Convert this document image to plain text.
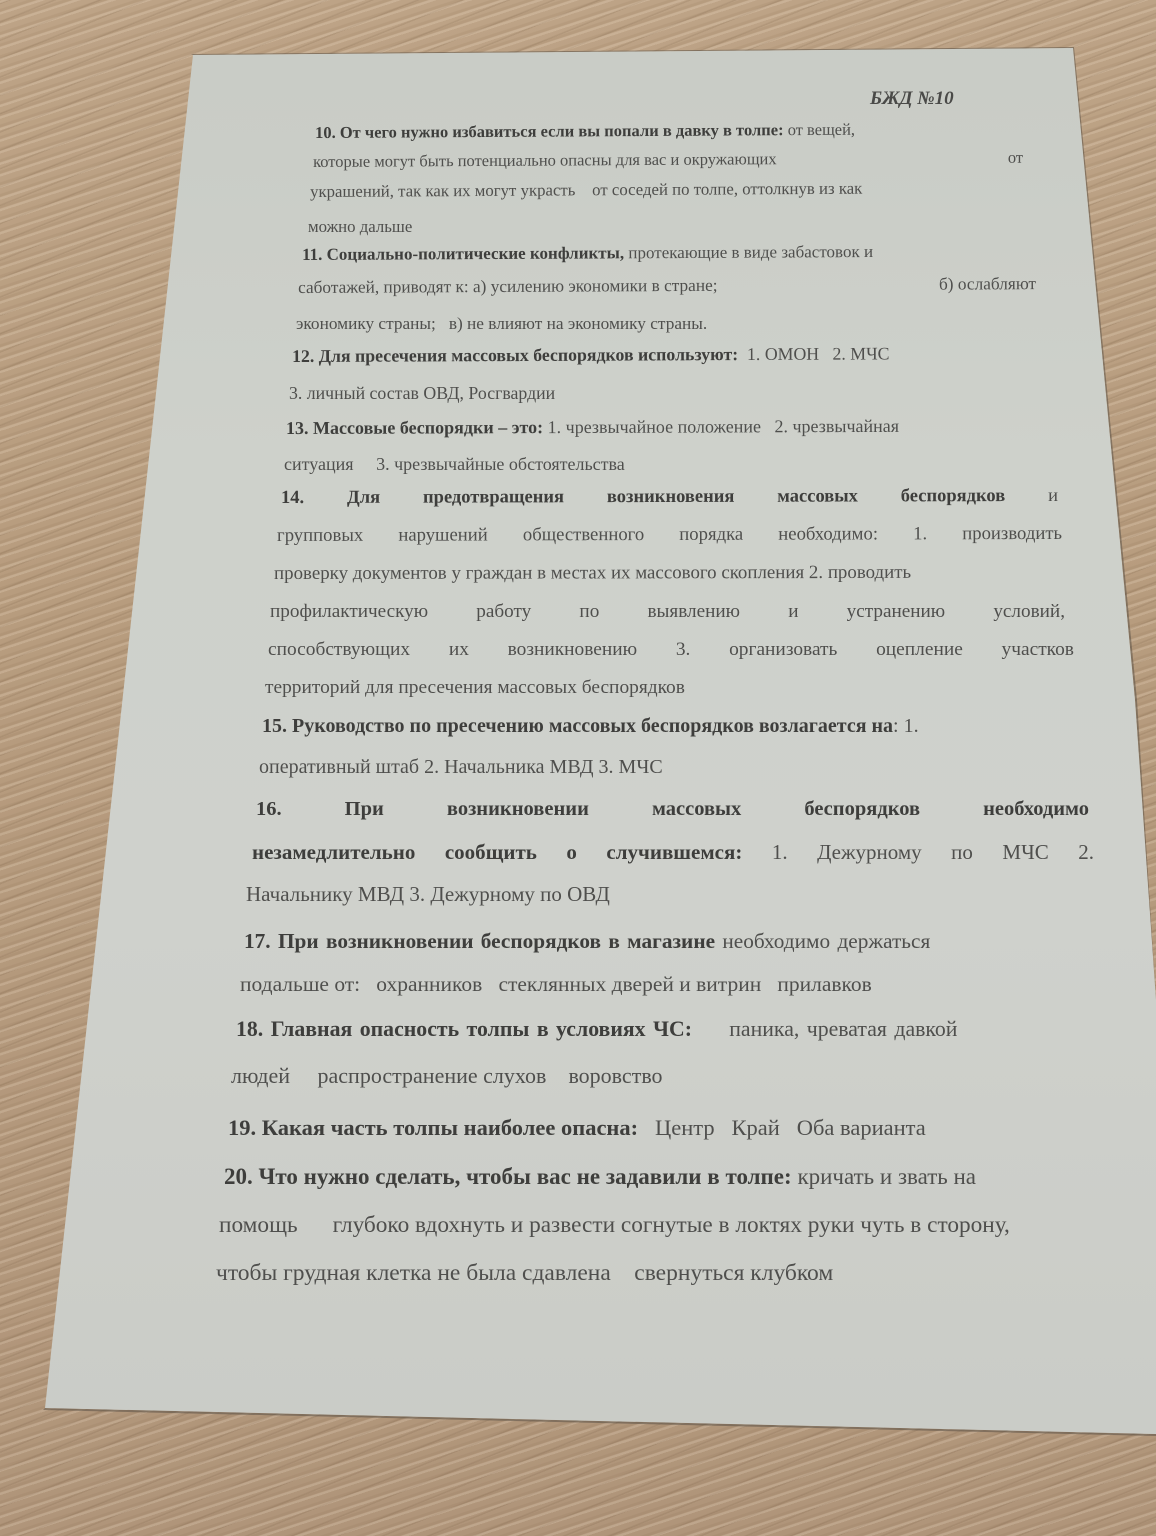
БЖД №10
10. От чего нужно избавиться если вы попали в давку в толпе: от вещей,
которые могут быть потенциально опасны для вас и окружающих	от
украшений, так как их могут украсть от соседей по толпе, оттолкнув из как
можно дальше
11. Социально-политические конфликты, протекающие в виде забастовок и
саботажей, приводят к: а) усилению экономики в стране;	б) ослабляют
экономику страны; в) не влияют на экономику страны.
12. Для пресечения массовых беспорядков используют: 1. ОМОН 2. МЧС
3. личный состав ОВД, Росгвардии
13. Массовые беспорядки – это: 1. чрезвычайное положение 2. чрезвычайная
ситуация 3. чрезвычайные обстоятельства
14. Для предотвращения возникновения массовых беспорядков и
групповых нарушений общественного порядка необходимо: 1. производить
проверку документов у граждан в местах их массового скопления 2. проводить
профилактическую	работу	по	выявлению	и	устранению	условий,
способствующих их возникновению 3. организовать оцепление участков
территорий для пресечения массовых беспорядков
15. Руководство по пресечению массовых беспорядков возлагается на: 1.
оперативный штаб 2. Начальника МВД 3. МЧС
16.	При	возникновении	массовых	беспорядков	необходимо
незамедлительно сообщить о случившемся: 1. Дежурному по МЧС 2.
Начальнику МВД 3. Дежурному по ОВД
17. При возникновении беспорядков в магазине необходимо держаться
подальше от: охранников стеклянных дверей и витрин прилавков
18. Главная опасность толпы в условиях ЧС: паника, чреватая давкой
людей распространение слухов воровство
19. Какая часть толпы наиболее опасна: Центр Край Оба варианта
20. Что нужно сделать, чтобы вас не задавили в толпе: кричать и звать на
помощь глубоко вдохнуть и развести согнутые в локтях руки чуть в сторону,
чтобы грудная клетка не была сдавлена свернуться клубком
